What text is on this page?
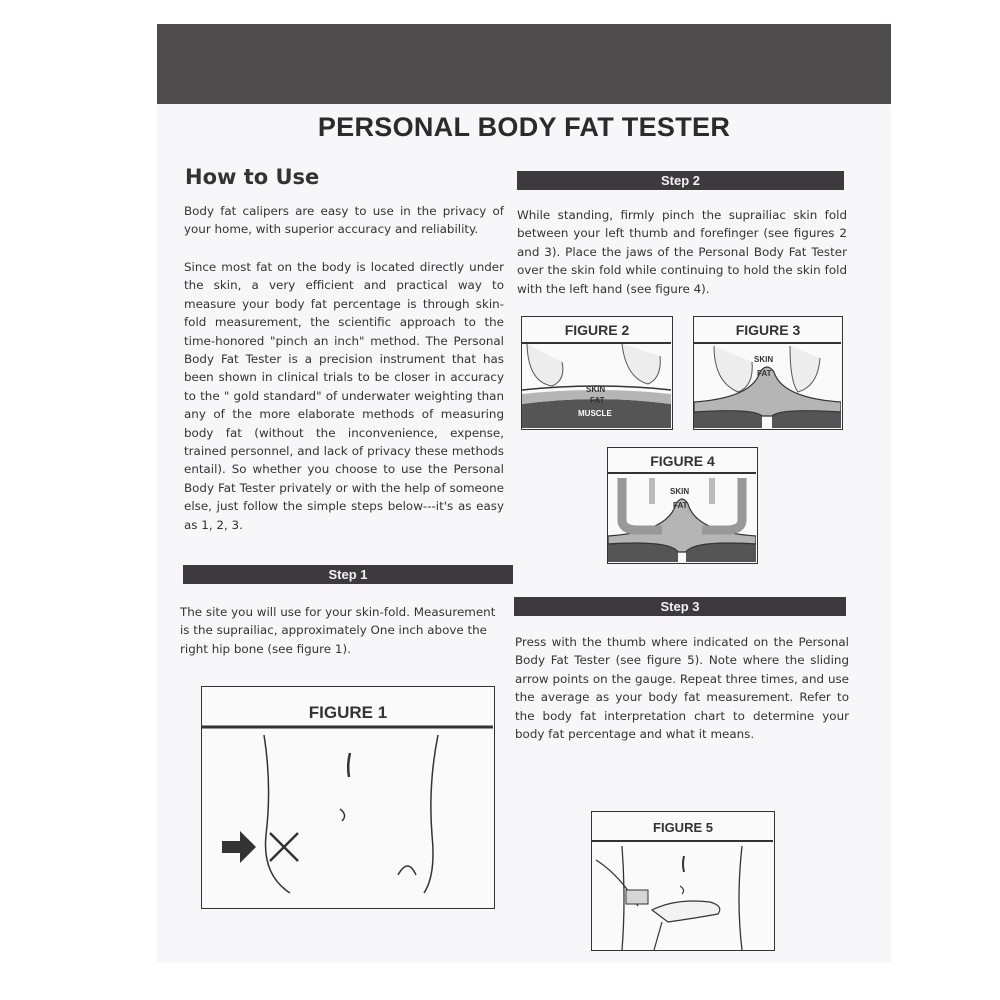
PERSONAL BODY FAT TESTER
How to Use

Body fat calipers are easy to use in the privacy of your home, with superior accuracy and reliability.

Since most fat on the body is located directly under the skin, a very efficient and practical way to measure your body fat percentage is through skin-fold measurement, the scientific approach to the time-honored "pinch an inch" method. The Personal Body Fat Tester is a precision instrument that has been shown in clinical trials to be closer in accuracy to the " gold standard" of underwater weighting than any of the more elaborate methods of measuring body fat (without the inconvenience, expense, trained personnel, and lack of privacy these methods entail). So whether you choose to use the Personal Body Fat Tester privately or with the help of someone else, just follow the simple steps below---it's as easy as 1, 2, 3.

Step 1

The site you will use for your skin-fold. Measurement is the suprailiac, approximately One inch above the right hip bone (see figure 1).

FIGURE 1
Step 2

While standing, firmly pinch the suprailiac skin fold between your left thumb and forefinger (see figures 2 and 3). Place the jaws of the Personal Body Fat Tester over the skin fold while continuing to hold the skin fold with the left hand (see figure 4).

FIGURE 2
SKIN
FAT
MUSCLE
FIGURE 3
SKIN
FAT
FIGURE 4
SKIN
FAT
Step 3

Press with the thumb where indicated on the Personal Body Fat Tester (see figure 5). Note where the sliding arrow points on the gauge. Repeat three times, and use the average as your body fat measurement. Refer to the body fat interpretation chart to determine your body fat percentage and what it means.

FIGURE 5
